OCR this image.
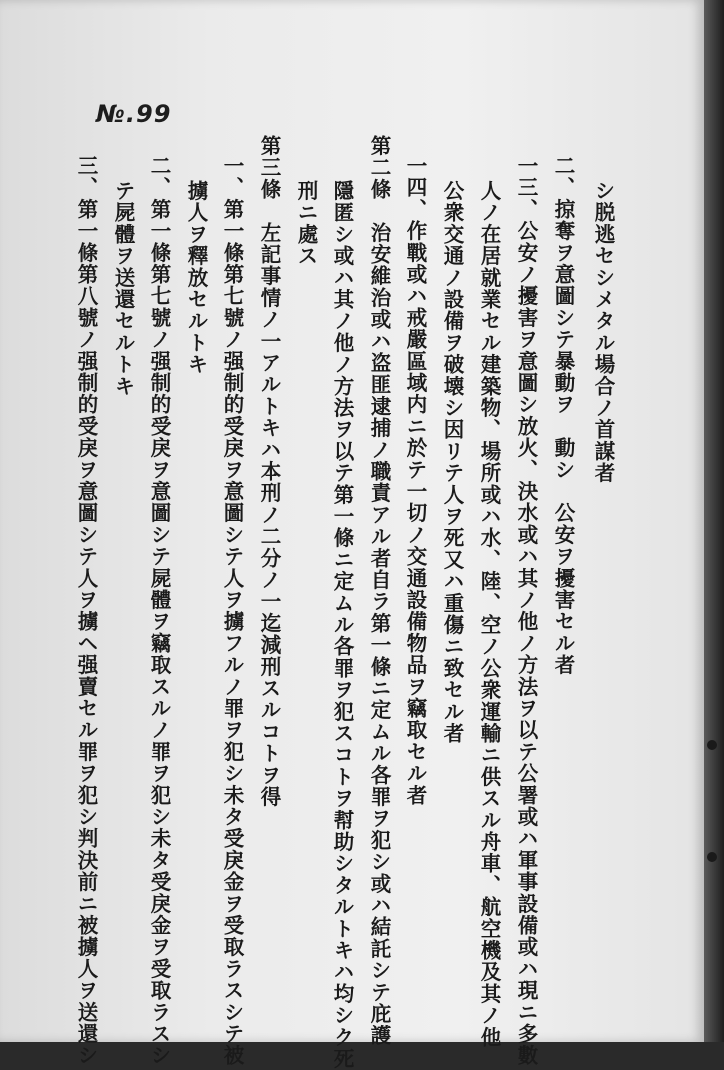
№.99
シ脱逃セシメタル場合ノ首謀者
二、掠奪ヲ意圖シテ暴動ヲ　動シ　公安ヲ擾害セル者
一三、公安ノ擾害ヲ意圖シ放火、決水或ハ其ノ他ノ方法ヲ以テ公署或ハ軍事設備或ハ現ニ多數
人ノ在居就業セル建築物、場所或ハ水、陸、空ノ公衆運輸ニ供スル舟車、航空機及其ノ他
公衆交通ノ設備ヲ破壊シ因リテ人ヲ死又ハ重傷ニ致セル者
一四、作戰或ハ戒嚴區域内ニ於テ一切ノ交通設備物品ヲ竊取セル者
第二條　治安維治或ハ盗匪逮捕ノ職責アル者自ラ第一條ニ定ムル各罪ヲ犯シ或ハ結託シテ庇護
隱匿シ或ハ其ノ他ノ方法ヲ以テ第一條ニ定ムル各罪ヲ犯スコトヲ幇助シタルトキハ均シク死
刑ニ處ス
第三條　左記事情ノ一アルトキハ本刑ノ二分ノ一迄減刑スルコトヲ得
一、第一條第七號ノ强制的受戾ヲ意圖シテ人ヲ擄フルノ罪ヲ犯シ未タ受戾金ヲ受取ラスシテ被
擄人ヲ釋放セルトキ
二、第一條第七號ノ强制的受戾ヲ意圖シテ屍體ヲ竊取スルノ罪ヲ犯シ未タ受戾金ヲ受取ラスシ
テ屍體ヲ送還セルトキ
三、第一條第八號ノ强制的受戾ヲ意圖シテ人ヲ擄ヘ强賣セル罪ヲ犯シ判決前ニ被擄人ヲ送還シ
